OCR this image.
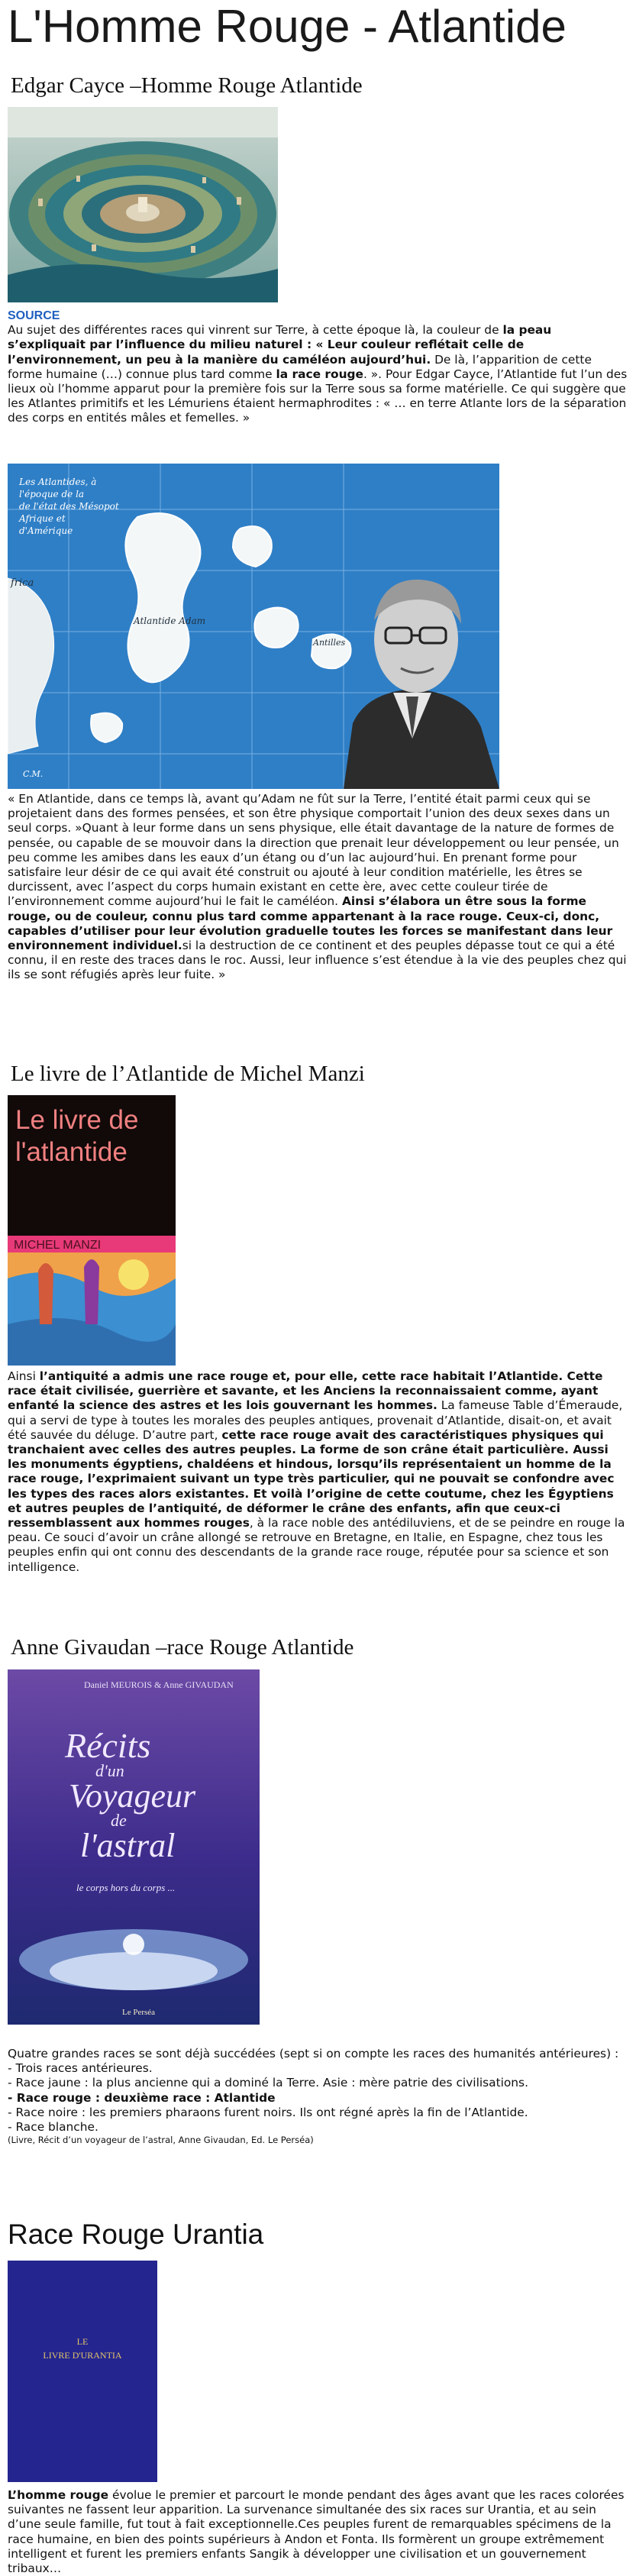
L'Homme Rouge - Atlantide
Edgar Cayce –Homme Rouge Atlantide
SOURCE

Au sujet des différentes races qui vinrent sur Terre, à cette époque là, la couleur de la peau s’expliquait par l’influence du milieu naturel : « Leur couleur reflétait celle de l’environnement, un peu à la manière du caméléon aujourd’hui. De là, l’apparition de cette forme humaine (…) connue plus tard comme la race rouge. ». Pour Edgar Cayce, l’Atlantide fut l’un des lieux où l’homme apparut pour la première fois sur la Terre sous sa forme matérielle. Ce qui suggère que les Atlantes primitifs et les Lémuriens étaient hermaphrodites : « … en terre Atlante lors de la séparation des corps en entités mâles et femelles. »

Les Atlantides, à
l'époque de la
de l'état des Mésopot
Afrique et
d'Amérique
frica
Atlantide Adam
Antilles
C.M.

« En Atlantide, dans ce temps là, avant qu’Adam ne fût sur la Terre, l’entité était parmi ceux qui se projetaient dans des formes pensées, et son être physique comportait l’union des deux sexes dans un seul corps. »Quant à leur forme dans un sens physique, elle était davantage de la nature de formes de pensée, ou capable de se mouvoir dans la direction que prenait leur développement ou leur pensée, un peu comme les amibes dans les eaux d’un étang ou d’un lac aujourd’hui. En prenant forme pour satisfaire leur désir de ce qui avait été construit ou ajouté à leur condition matérielle, les êtres se durcissent, avec l’aspect du corps humain existant en cette ère, avec cette couleur tirée de l’environnement comme aujourd’hui le fait le caméléon. Ainsi s’élabora un être sous la forme rouge, ou de couleur, connu plus tard comme appartenant à la race rouge. Ceux-ci, donc, capables d’utiliser pour leur évolution graduelle toutes les forces se manifestant dans leur environnement individuel.si la destruction de ce continent et des peuples dépasse tout ce qui a été connu, il en reste des traces dans le roc. Aussi, leur influence s’est étendue à la vie des peuples chez qui ils se sont réfugiés après leur fuite. »

Le livre de l’Atlantide de Michel Manzi
Le livre de
l'atlantide
MICHEL MANZI

Ainsi l’antiquité a admis une race rouge et, pour elle, cette race habitait l’Atlantide. Cette race était civilisée, guerrière et savante, et les Anciens la reconnaissaient comme, ayant enfanté la science des astres et les lois gouvernant les hommes. La fameuse Table d’Émeraude, qui a servi de type à toutes les morales des peuples antiques, provenait d’Atlantide, disait-on, et avait été sauvée du déluge. D’autre part, cette race rouge avait des caractéristiques physiques qui tranchaient avec celles des autres peuples. La forme de son crâne était particulière. Aussi les monuments égyptiens, chaldéens et hindous, lorsqu’ils représentaient un homme de la race rouge, l’exprimaient suivant un type très particulier, qui ne pouvait se confondre avec les types des races alors existantes. Et voilà l’origine de cette coutume, chez les Égyptiens et autres peuples de l’antiquité, de déformer le crâne des enfants, afin que ceux-ci ressemblassent aux hommes rouges, à la race noble des antédiluviens, et de se peindre en rouge la peau. Ce souci d’avoir un crâne allongé se retrouve en Bretagne, en Italie, en Espagne, chez tous les peuples enfin qui ont connu des descendants de la grande race rouge, réputée pour sa science et son intelligence.

Anne Givaudan –race Rouge Atlantide
Daniel MEUROIS & Anne GIVAUDAN
Récits
d'un
Voyageur
de
l'astral
le corps hors du corps ...
Le Perséa

Quatre grandes races se sont déjà succédées (sept si on compte les races des humanités antérieures) :

- Trois races antérieures.
- Race jaune : la plus ancienne qui a dominé la Terre. Asie : mère patrie des civilisations.
- Race rouge : deuxième race : Atlantide
- Race noire : les premiers pharaons furent noirs. Ils ont régné après la fin de l’Atlantide.
- Race blanche.

(Livre, Récit d’un voyageur de l’astral, Anne Givaudan, Ed. Le Perséa)

Race Rouge Urantia
LE
LIVRE D'URANTIA

L’homme rouge évolue le premier et parcourt le monde pendant des âges avant que les races colorées suivantes ne fassent leur apparition. La survenance simultanée des six races sur Urantia, et au sein d’une seule famille, fut tout à fait exceptionnelle.Ces peuples furent de remarquables spécimens de la race humaine, en bien des points supérieurs à Andon et Fonta. Ils formèrent un groupe extrêmement intelligent et furent les premiers enfants Sangik à développer une civilisation et un gouvernement tribaux…
